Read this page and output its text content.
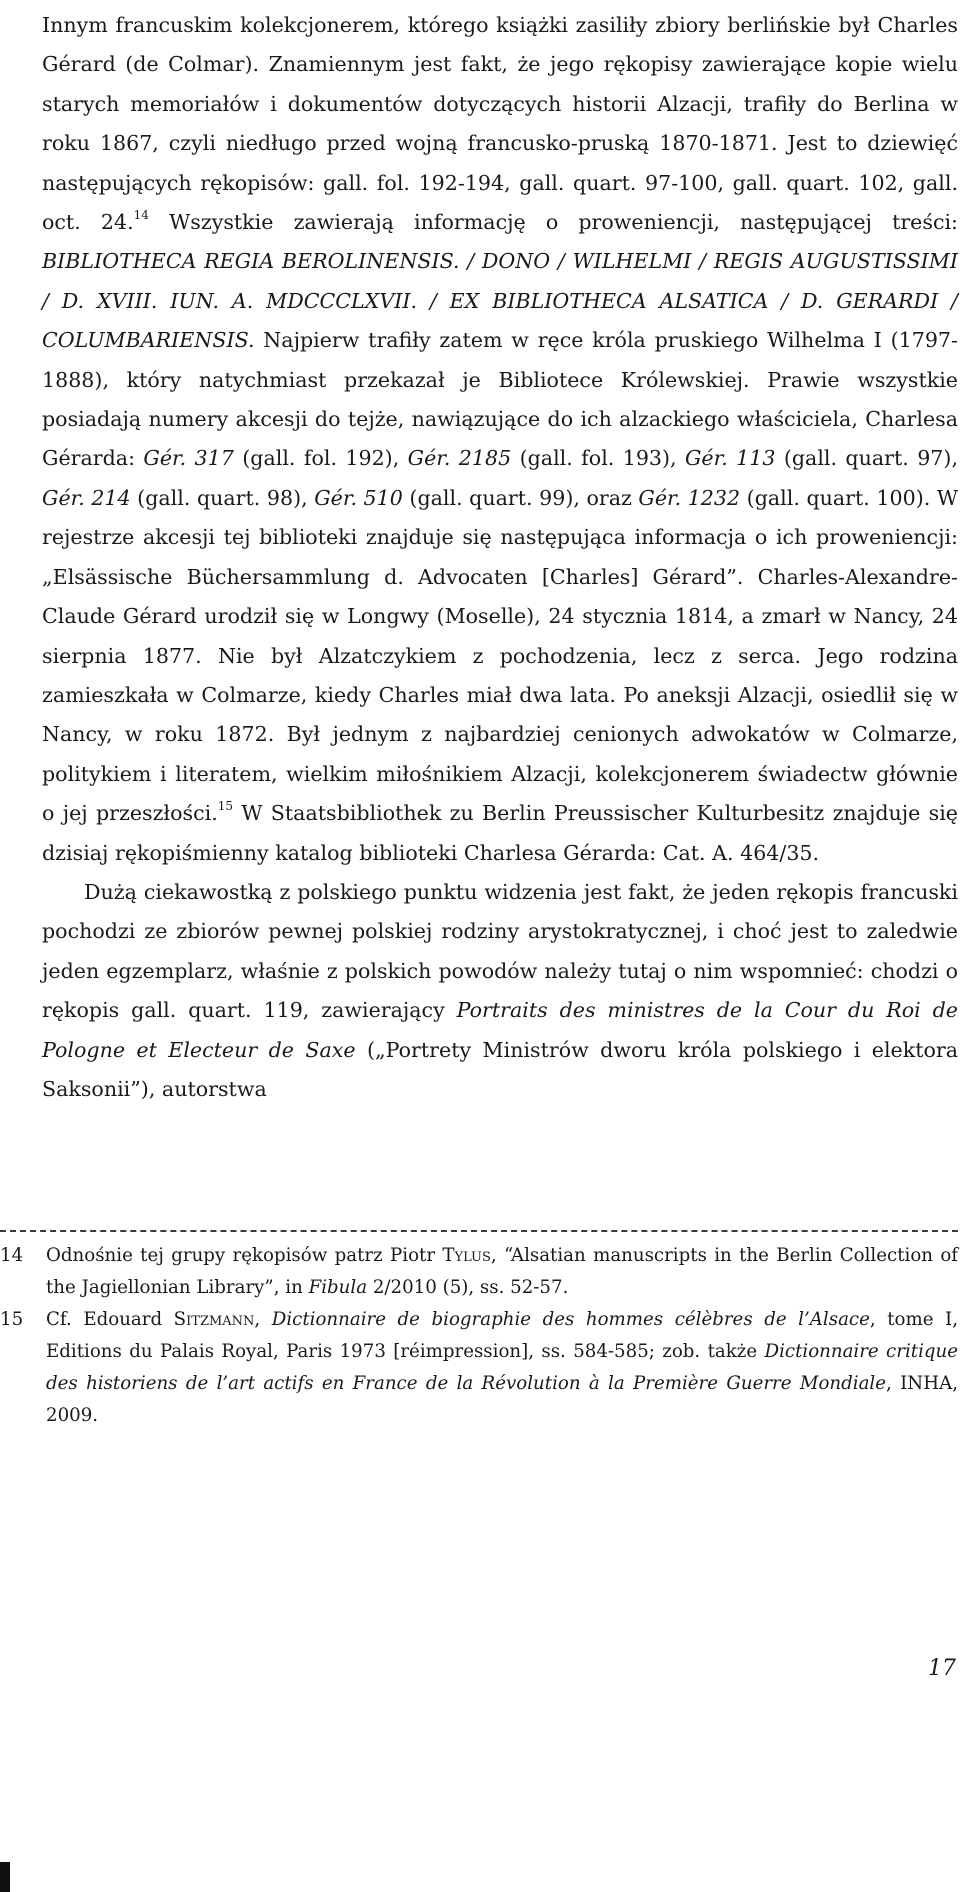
Innym francuskim kolekcjonerem, którego książki zasiliły zbiory berlińskie był Charles Gérard (de Colmar). Znamiennym jest fakt, że jego rękopisy zawierające kopie wielu starych memoriałów i dokumentów dotyczących historii Alzacji, trafiły do Berlina w roku 1867, czyli niedługo przed wojną francusko-pruską 1870-1871. Jest to dziewięć następujących rękopisów: gall. fol. 192-194, gall. quart. 97-100, gall. quart. 102, gall. oct. 24.14 Wszystkie zawierają informację o proweniencji, następującej treści: BIBLIOTHECA REGIA BEROLINENSIS. / DONO / WILHELMI / REGIS AUGUSTISSIMI / D. XVIII. IUN. A. MDCCCLXVII. / EX BIBLIOTHECA ALSATICA / D. GERARDI / COLUMBARIENSIS. Najpierw trafiły zatem w ręce króla pruskiego Wilhelma I (1797-1888), który natychmiast przekazał je Bibliotece Królewskiej. Prawie wszystkie posiadają numery akcesji do tejże, nawiązujące do ich alzackiego właściciela, Charlesa Gérarda: Gér. 317 (gall. fol. 192), Gér. 2185 (gall. fol. 193), Gér. 113 (gall. quart. 97), Gér. 214 (gall. quart. 98), Gér. 510 (gall. quart. 99), oraz Gér. 1232 (gall. quart. 100). W rejestrze akcesji tej biblioteki znajduje się następująca informacja o ich proweniencji: „Elsässische Büchersammlung d. Advocaten [Charles] Gérard”. Charles-Alexandre-Claude Gérard urodził się w Longwy (Moselle), 24 stycznia 1814, a zmarł w Nancy, 24 sierpnia 1877. Nie był Alzatczykiem z pochodzenia, lecz z serca. Jego rodzina zamieszkała w Colmarze, kiedy Charles miał dwa lata. Po aneksji Alzacji, osiedlił się w Nancy, w roku 1872. Był jednym z najbardziej cenionych adwokatów w Colmarze, politykiem i literatem, wielkim miłośnikiem Alzacji, kolekcjonerem świadectw głównie o jej przeszłości.$^{15}$ W Staatsbibliothek zu Berlin Preussischer Kulturbesitz znajduje się dzisiaj rękopiśmienny katalog biblioteki Charlesa Gérarda: Cat. A. 464/35.

Dużą ciekawostką z polskiego punktu widzenia jest fakt, że jeden rękopis francuski pochodzi ze zbiorów pewnej polskiej rodziny arystokratycznej, i choć jest to zaledwie jeden egzemplarz, właśnie z polskich powodów należy tutaj o nim wspomnieć: chodzi o rękopis gall. quart. 119, zawierający Portraits des ministres de la Cour du Roi de Pologne et Electeur de Saxe („Portrety Ministrów dworu króla polskiego i elektora Saksonii”), autorstwa

14	Odnośnie tej grupy rękopisów patrz Piotr Tylus, “Alsatian manuscripts in the Berlin Collection of the Jagiellonian Library”, in Fibula 2/2010 (5), ss. 52-57.
15	Cf. Edouard Sitzmann, Dictionnaire de biographie des hommes célèbres de l’Alsace, tome I, Editions du Palais Royal, Paris 1973 [réimpression], ss. 584-585; zob. także Dictionnaire critique des historiens de l’art actifs en France de la Révolution à la Première Guerre Mondiale, INHA, 2009.
17
